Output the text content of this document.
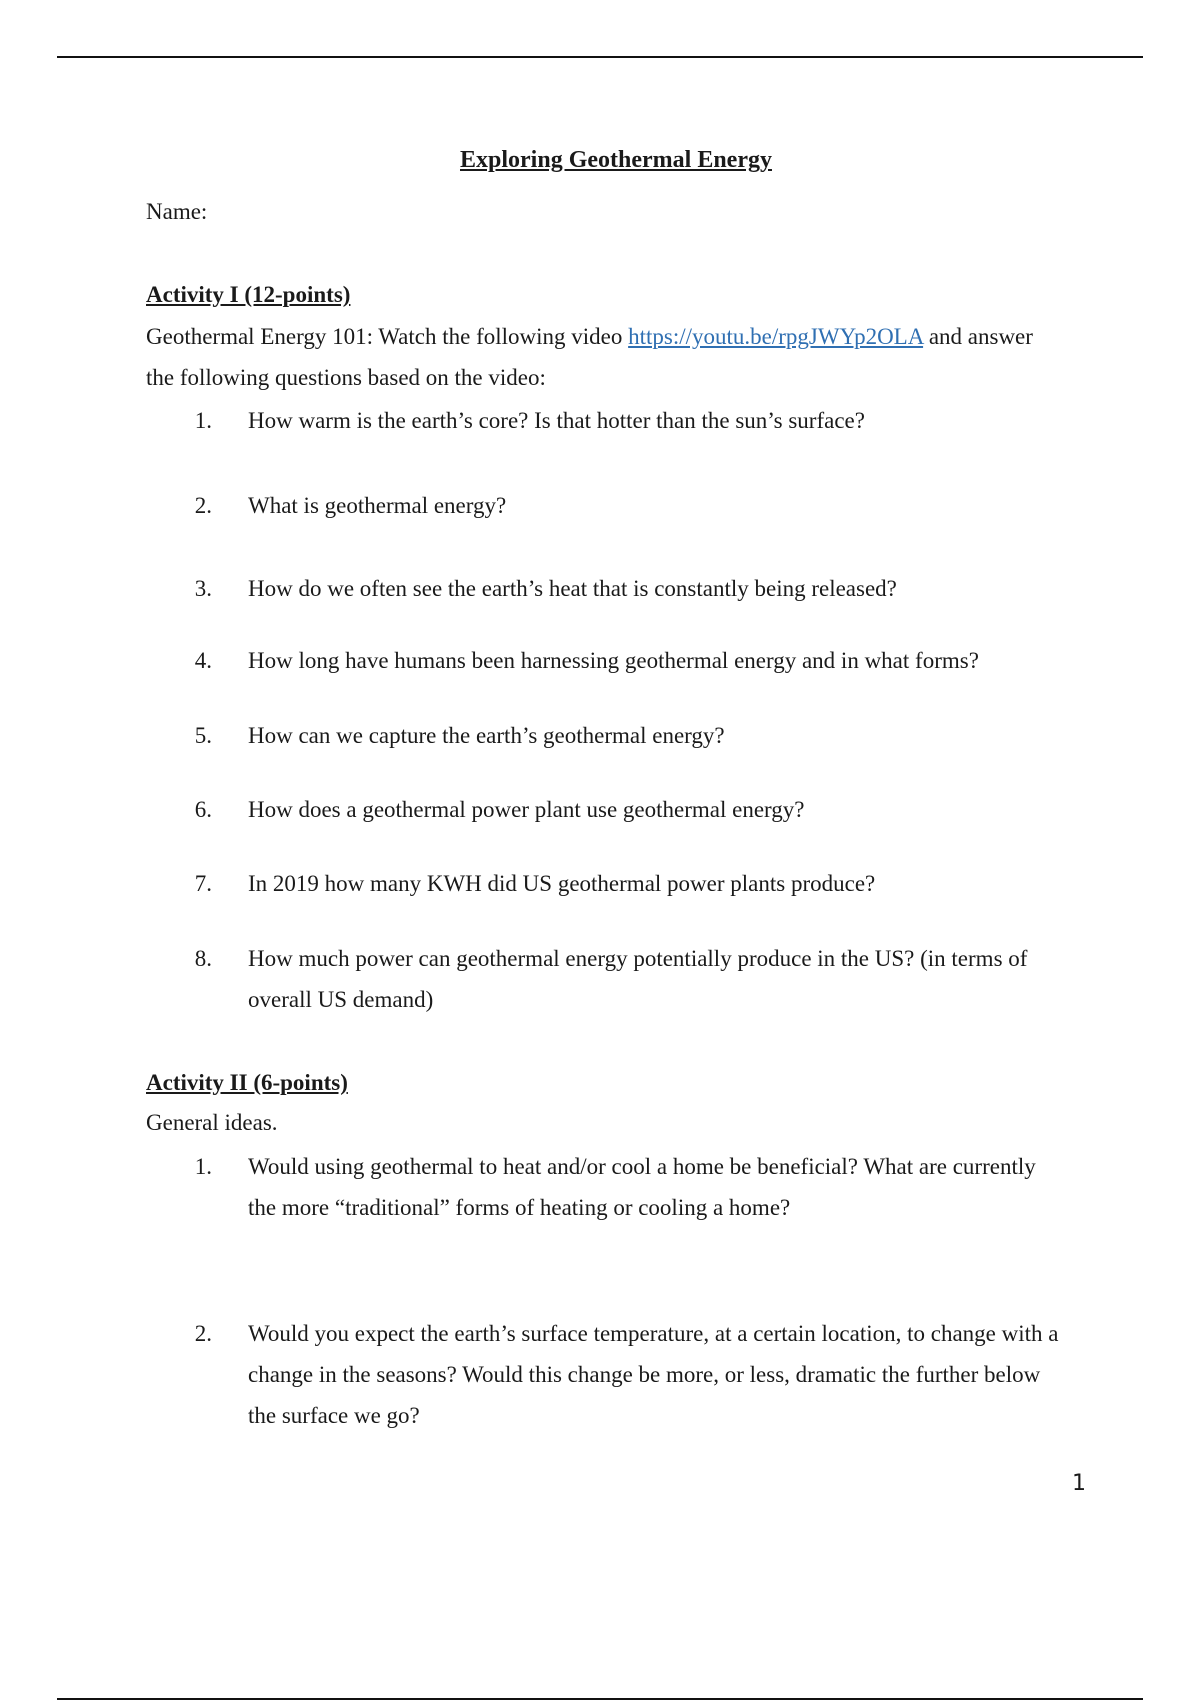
Exploring Geothermal Energy
Name:
Activity I (12-points)
Geothermal Energy 101: Watch the following video https://youtu.be/rpgJWYp2OLA and answer
the following questions based on the video:
1. How warm is the earth’s core? Is that hotter than the sun’s surface?
2. What is geothermal energy?
3. How do we often see the earth’s heat that is constantly being released?
4. How long have humans been harnessing geothermal energy and in what forms?
5. How can we capture the earth’s geothermal energy?
6. How does a geothermal power plant use geothermal energy?
7. In 2019 how many KWH did US geothermal power plants produce?
8. How much power can geothermal energy potentially produce in the US? (in terms of overall US demand)
Activity II (6-points)
General ideas.
1. Would using geothermal to heat and/or cool a home be beneficial? What are currently the more “traditional” forms of heating or cooling a home?
2. Would you expect the earth’s surface temperature, at a certain location, to change with a change in the seasons? Would this change be more, or less, dramatic the further below the surface we go?
1
